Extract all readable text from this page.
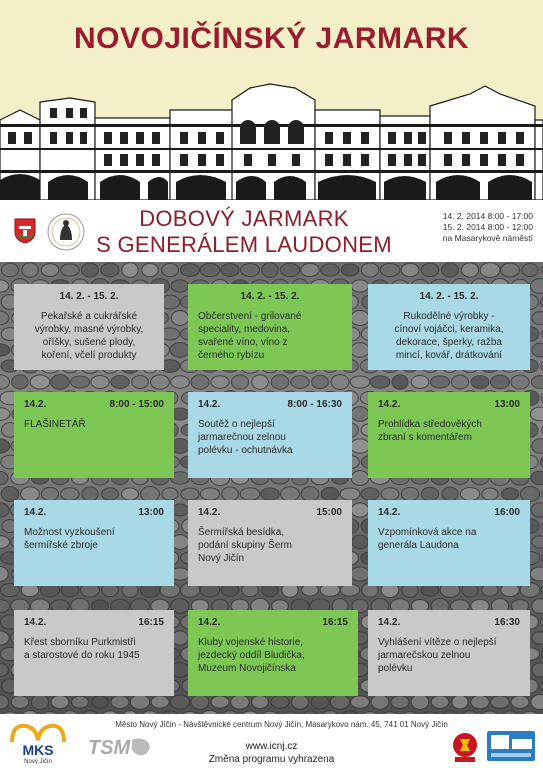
NOVOJIČÍNSKÝ JARMARK
DOBOVÝ JARMARK
S GENERÁLEM LAUDONEM
14. 2. 2014 8:00 - 17:00
15. 2. 2014 8:00 - 12:00
na Masarykově náměstí
14. 2. - 15. 2.
Pekařské a cukrářské
výrobky, masné výrobky,
oříšky, sušené plody,
koření, včelí produkty
14. 2. - 15. 2.
Občerstvení - grilované
speciality, medovina,
svařené víno, víno z
černého rybízu
14. 2. - 15. 2.
Rukodělné výrobky -
cínoví vojáčci, keramika,
dekorace, šperky, ražba
mincí, kovář, drátkování
14.2.	8:00 - 15:00
FLAŠINETÁŘ
14.2.	8:00 - 16:30
Soutěž o nejlepší
jarmarečnou zelnou
polévku - ochutnávka
14.2.	13:00
Prohlídka středověkých
zbraní s komentářem
14.2.	13:00
Možnost vyzkoušení
šermířské zbroje
14.2.	15:00
Šermířská besídka,
podání skupiny Šerm
Nový Jičín
14.2.	16:00
Vzpomínková akce na
generála Laudona
14.2.	16:15
Křest sborníku Purkmistři
a starostové do roku 1945
14.2.	16:15
Kluby vojenské historie,
jezdecký oddíl Bludička,
Muzeum Novojičínska
14.2.	16:30
Vyhlášení vítěze o nejlepší
jarmarečskou zelnou
polévku
MKS
Nový Jičín
TSM
Město Nový Jičín - Návštěvnické centrum Nový Jičín, Masarykovo nám. 45, 741 01 Nový Jičín
www.icnj.cz
Změna programu vyhrazena
